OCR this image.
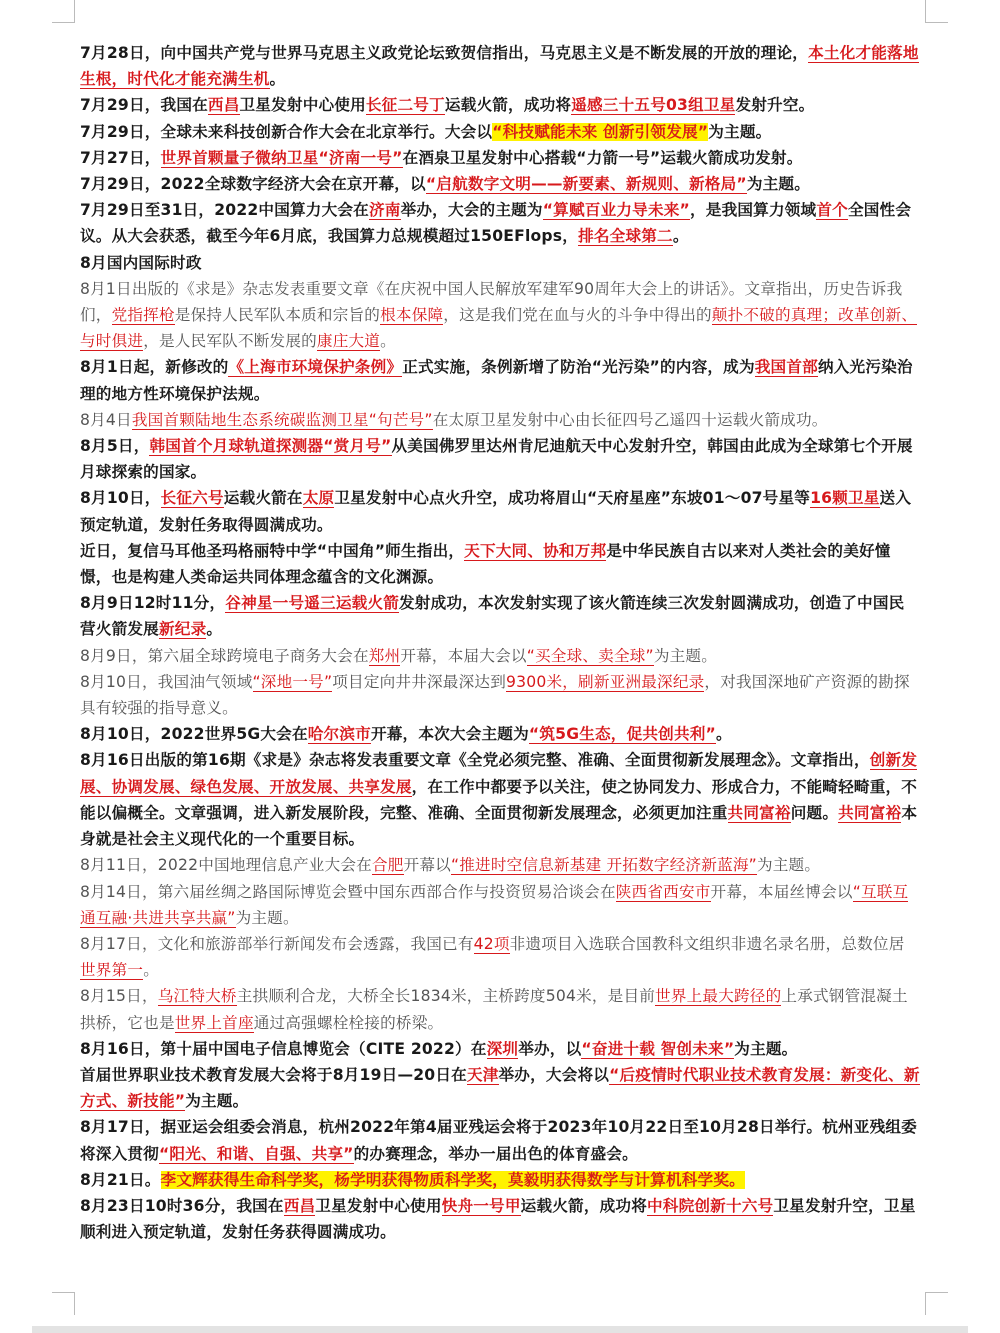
7月28日，向中国共产党与世界马克思主义政党论坛致贺信指出，马克思主义是不断发展的开放的理论，本土化才能落地生根，时代化才能充满生机。

7月29日，我国在西昌卫星发射中心使用长征二号丁运载火箭，成功将遥感三十五号03组卫星发射升空。

7月29日，全球未来科技创新合作大会在北京举行。大会以“科技赋能未来 创新引领发展”为主题。

7月27日，世界首颗量子微纳卫星“济南一号”在酒泉卫星发射中心搭载“力箭一号”运载火箭成功发射。

7月29日，2022全球数字经济大会在京开幕，以“启航数字文明——新要素、新规则、新格局”为主题。

7月29日至31日，2022中国算力大会在济南举办，大会的主题为“算赋百业力导未来”，是我国算力领域首个全国性会议。从大会获悉，截至今年6月底，我国算力总规模超过150EFlops，排名全球第二。

8月国内国际时政

8月1日出版的《求是》杂志发表重要文章《在庆祝中国人民解放军建军90周年大会上的讲话》。文章指出，历史告诉我们，党指挥枪是保持人民军队本质和宗旨的根本保障，这是我们党在血与火的斗争中得出的颠扑不破的真理；改革创新、与时俱进，是人民军队不断发展的康庄大道。

8月1日起，新修改的《上海市环境保护条例》正式实施，条例新增了防治“光污染”的内容，成为我国首部纳入光污染治理的地方性环境保护法规。

8月4日我国首颗陆地生态系统碳监测卫星“句芒号”在太原卫星发射中心由长征四号乙遥四十运载火箭成功。

8月5日，韩国首个月球轨道探测器“赏月号”从美国佛罗里达州肯尼迪航天中心发射升空，韩国由此成为全球第七个开展月球探索的国家。

8月10日，长征六号运载火箭在太原卫星发射中心点火升空，成功将眉山“天府星座”东坡01～07号星等16颗卫星送入预定轨道，发射任务取得圆满成功。

近日，复信马耳他圣玛格丽特中学“中国角”师生指出，天下大同、协和万邦是中华民族自古以来对人类社会的美好憧憬，也是构建人类命运共同体理念蕴含的文化渊源。

8月9日12时11分，谷神星一号遥三运载火箭发射成功，本次发射实现了该火箭连续三次发射圆满成功，创造了中国民营火箭发展新纪录。

8月9日，第六届全球跨境电子商务大会在郑州开幕，本届大会以“买全球、卖全球”为主题。

8月10日，我国油气领域“深地一号”项目定向井井深最深达到9300米，刷新亚洲最深纪录，对我国深地矿产资源的勘探具有较强的指导意义。

8月10日，2022世界5G大会在哈尔滨市开幕，本次大会主题为“筑5G生态，促共创共利”。

8月16日出版的第16期《求是》杂志将发表重要文章《全党必须完整、准确、全面贯彻新发展理念》。文章指出，创新发展、协调发展、绿色发展、开放发展、共享发展，在工作中都要予以关注，使之协同发力、形成合力，不能畸轻畸重，不能以偏概全。文章强调，进入新发展阶段，完整、准确、全面贯彻新发展理念，必须更加注重共同富裕问题。共同富裕本身就是社会主义现代化的一个重要目标。

8月11日，2022中国地理信息产业大会在合肥开幕以“推进时空信息新基建 开拓数字经济新蓝海”为主题。

8月14日，第六届丝绸之路国际博览会暨中国东西部合作与投资贸易洽谈会在陕西省西安市开幕，本届丝博会以“互联互通互融·共进共享共赢”为主题。

8月17日，文化和旅游部举行新闻发布会透露，我国已有42项非遗项目入选联合国教科文组织非遗名录名册，总数位居世界第一。

8月15日，乌江特大桥主拱顺利合龙，大桥全长1834米，主桥跨度504米，是目前世界上最大跨径的上承式钢管混凝土拱桥，它也是世界上首座通过高强螺栓栓接的桥梁。

8月16日，第十届中国电子信息博览会（CITE 2022）在深圳举办，以“奋进十载 智创未来”为主题。

首届世界职业技术教育发展大会将于8月19日—20日在天津举办，大会将以“后疫情时代职业技术教育发展：新变化、新方式、新技能”为主题。

8月17日，据亚运会组委会消息，杭州2022年第4届亚残运会将于2023年10月22日至10月28日举行。杭州亚残组委将深入贯彻“阳光、和谐、自强、共享”的办赛理念，举办一届出色的体育盛会。

8月21日。李文辉获得生命科学奖，杨学明获得物质科学奖，莫毅明获得数学与计算机科学奖。

8月23日10时36分，我国在西昌卫星发射中心使用快舟一号甲运载火箭，成功将中科院创新十六号卫星发射升空，卫星顺利进入预定轨道，发射任务获得圆满成功。
